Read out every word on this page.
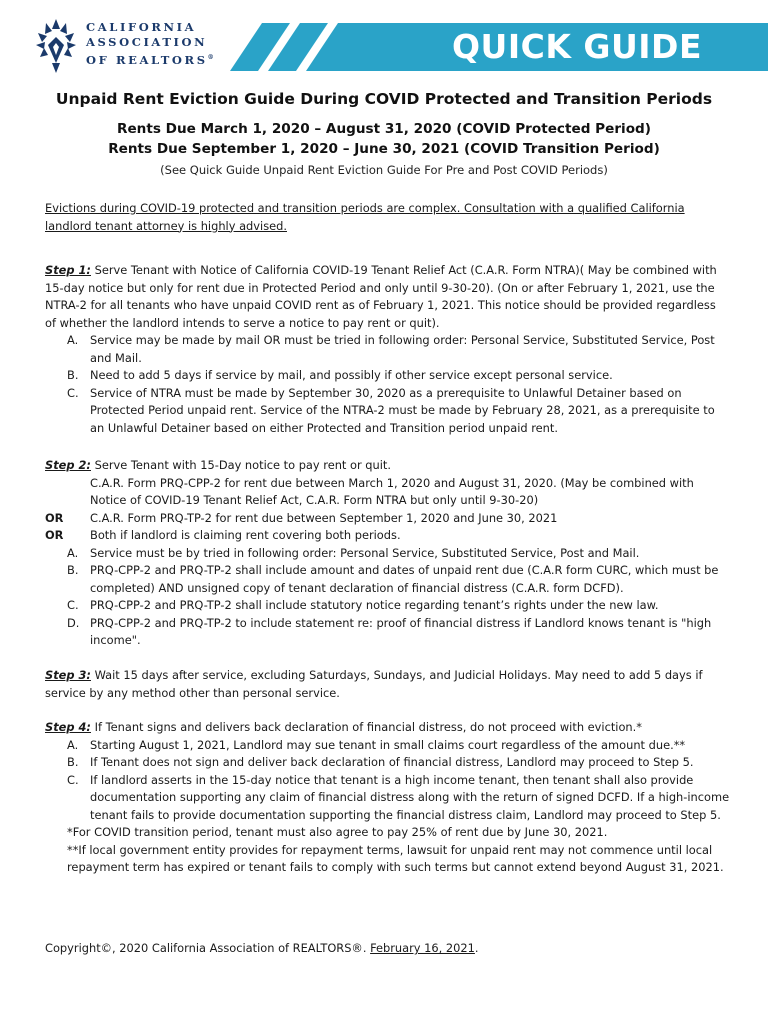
CALIFORNIA
ASSOCIATION
OF REALTORS®	QUICK GUIDE
Unpaid Rent Eviction Guide During COVID Protected and Transition Periods
Rents Due March 1, 2020 – August 31, 2020 (COVID Protected Period)
Rents Due September 1, 2020 – June 30, 2021 (COVID Transition Period)
(See Quick Guide Unpaid Rent Eviction Guide For Pre and Post COVID Periods)
Evictions during COVID-19 protected and transition periods are complex. Consultation with a qualified California landlord tenant attorney is highly advised.

Step 1: Serve Tenant with Notice of California COVID-19 Tenant Relief Act (C.A.R. Form NTRA)( May be combined with 15-day notice but only for rent due in Protected Period and only until 9-30-20). (On or after February 1, 2021, use the NTRA-2 for all tenants who have unpaid COVID rent as of February 1, 2021. This notice should be provided regardless of whether the landlord intends to serve a notice to pay rent or quit).

A. Service may be made by mail OR must be tried in following order: Personal Service, Substituted Service, Post and Mail.
B. Need to add 5 days if service by mail, and possibly if other service except personal service.
C. Service of NTRA must be made by September 30, 2020 as a prerequisite to Unlawful Detainer based on Protected Period unpaid rent. Service of the NTRA-2 must be made by February 28, 2021, as a prerequisite to an Unlawful Detainer based on either Protected and Transition period unpaid rent.

Step 2: Serve Tenant with 15-Day notice to pay rent or quit.

C.A.R. Form PRQ-CPP-2 for rent due between March 1, 2020 and August 31, 2020. (May be combined with Notice of COVID-19 Tenant Relief Act, C.A.R. Form NTRA but only until 9-30-20)
OR C.A.R. Form PRQ-TP-2 for rent due between September 1, 2020 and June 30, 2021
OR Both if landlord is claiming rent covering both periods.
A. Service must be by tried in following order: Personal Service, Substituted Service, Post and Mail.
B. PRQ-CPP-2 and PRQ-TP-2 shall include amount and dates of unpaid rent due (C.A.R form CURC, which must be completed) AND unsigned copy of tenant declaration of financial distress (C.A.R. form DCFD).
C. PRQ-CPP-2 and PRQ-TP-2 shall include statutory notice regarding tenant’s rights under the new law.
D. PRQ-CPP-2 and PRQ-TP-2 to include statement re: proof of financial distress if Landlord knows tenant is "high income".

Step 3: Wait 15 days after service, excluding Saturdays, Sundays, and Judicial Holidays. May need to add 5 days if service by any method other than personal service.

Step 4: If Tenant signs and delivers back declaration of financial distress, do not proceed with eviction.*

A. Starting August 1, 2021, Landlord may sue tenant in small claims court regardless of the amount due.**
B. If Tenant does not sign and deliver back declaration of financial distress, Landlord may proceed to Step 5.
C. If landlord asserts in the 15-day notice that tenant is a high income tenant, then tenant shall also provide documentation supporting any claim of financial distress along with the return of signed DCFD. If a high-income tenant fails to provide documentation supporting the financial distress claim, Landlord may proceed to Step 5.
*For COVID transition period, tenant must also agree to pay 25% of rent due by June 30, 2021.
**If local government entity provides for repayment terms, lawsuit for unpaid rent may not commence until local repayment term has expired or tenant fails to comply with such terms but cannot extend beyond August 31, 2021.
Copyright©, 2020 California Association of REALTORS®. February 16, 2021.
